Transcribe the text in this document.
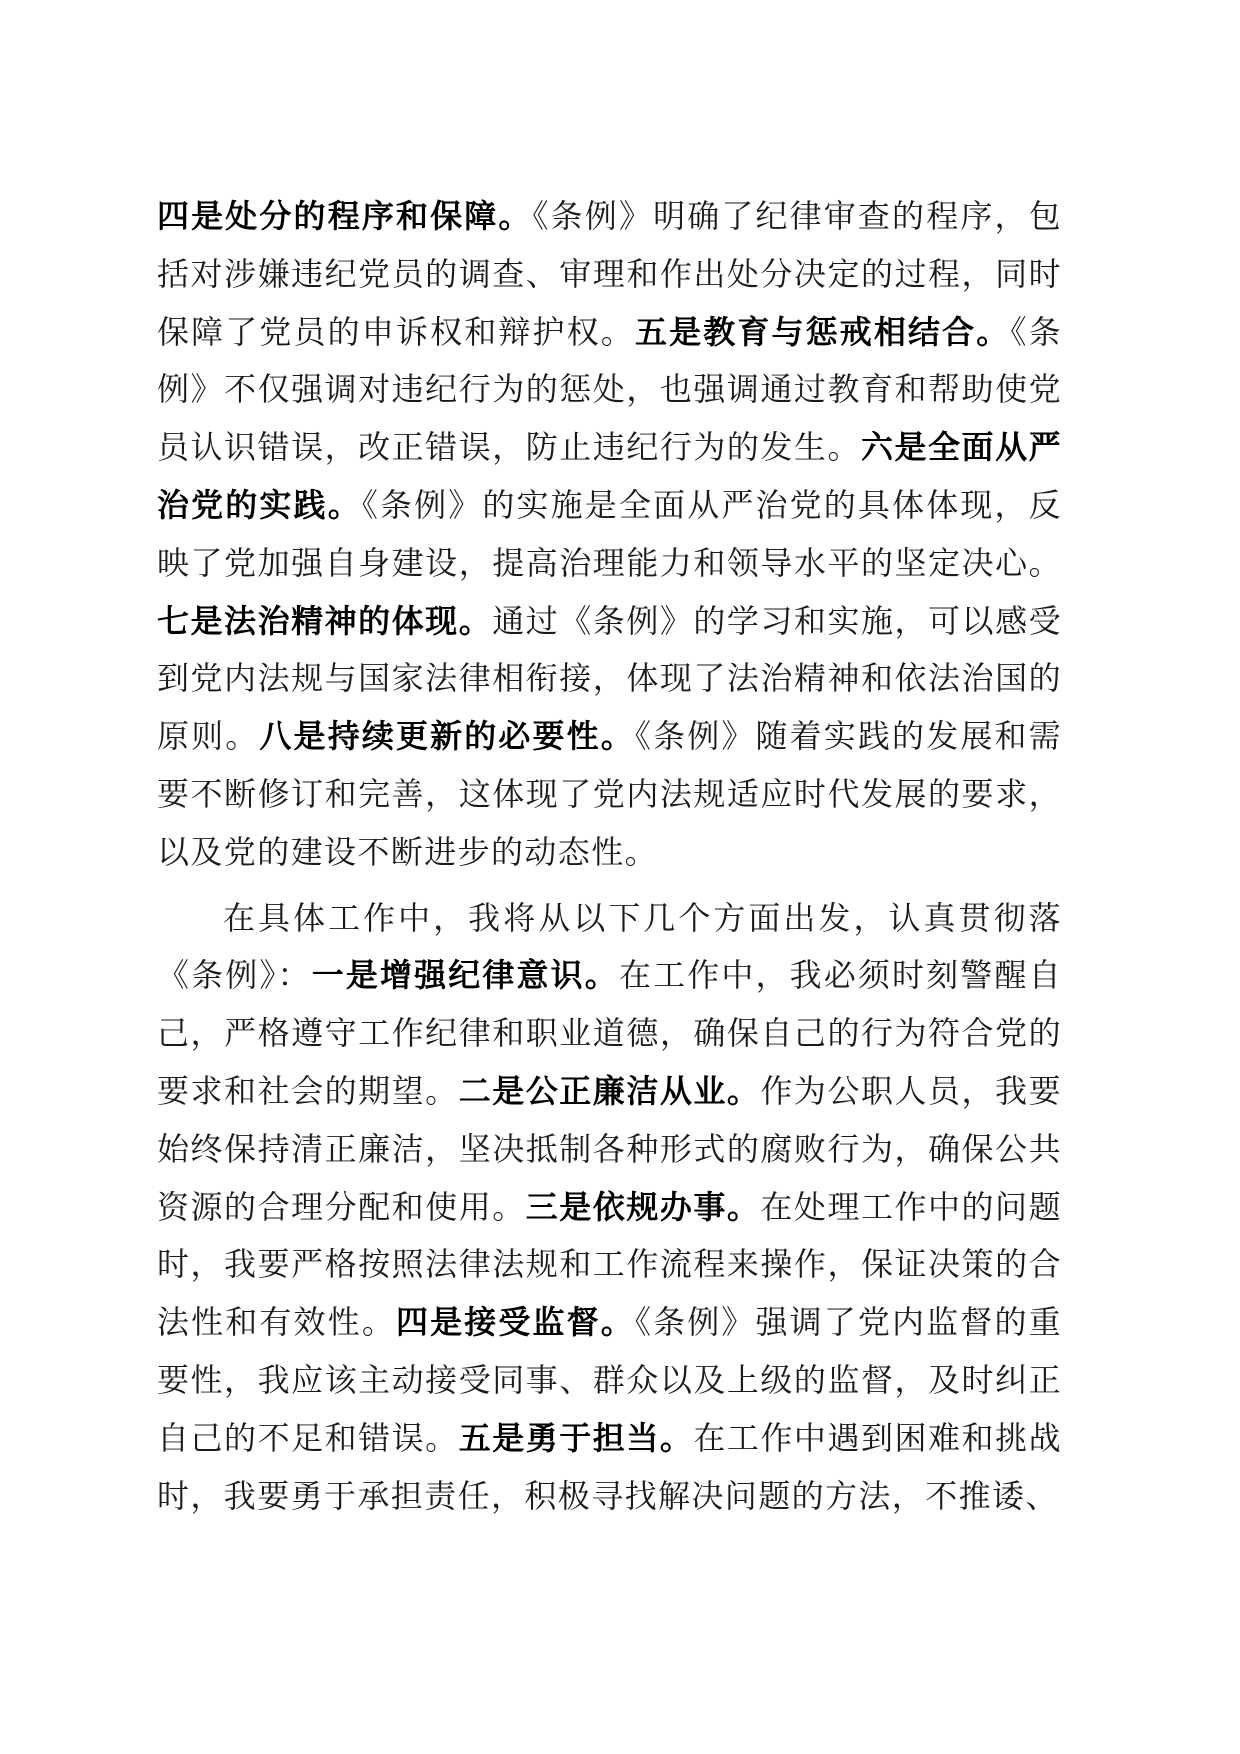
四是处分的程序和保障。《条例》明确了纪律审查的程序，包括对涉嫌违纪党员的调查、审理和作出处分决定的过程，同时保障了党员的申诉权和辩护权。五是教育与惩戒相结合。《条例》不仅强调对违纪行为的惩处，也强调通过教育和帮助使党员认识错误，改正错误，防止违纪行为的发生。六是全面从严治党的实践。《条例》的实施是全面从严治党的具体体现，反映了党加强自身建设，提高治理能力和领导水平的坚定决心。七是法治精神的体现。通过《条例》的学习和实施，可以感受到党内法规与国家法律相衔接，体现了法治精神和依法治国的原则。八是持续更新的必要性。《条例》随着实践的发展和需要不断修订和完善，这体现了党内法规适应时代发展的要求，以及党的建设不断进步的动态性。

在具体工作中，我将从以下几个方面出发，认真贯彻落《条例》：一是增强纪律意识。在工作中，我必须时刻警醒自己，严格遵守工作纪律和职业道德，确保自己的行为符合党的要求和社会的期望。二是公正廉洁从业。作为公职人员，我要始终保持清正廉洁，坚决抵制各种形式的腐败行为，确保公共资源的合理分配和使用。三是依规办事。在处理工作中的问题时，我要严格按照法律法规和工作流程来操作，保证决策的合法性和有效性。四是接受监督。《条例》强调了党内监督的重要性，我应该主动接受同事、群众以及上级的监督，及时纠正自己的不足和错误。五是勇于担当。在工作中遇到困难和挑战时，我要勇于承担责任，积极寻找解决问题的方法，不推诿、
